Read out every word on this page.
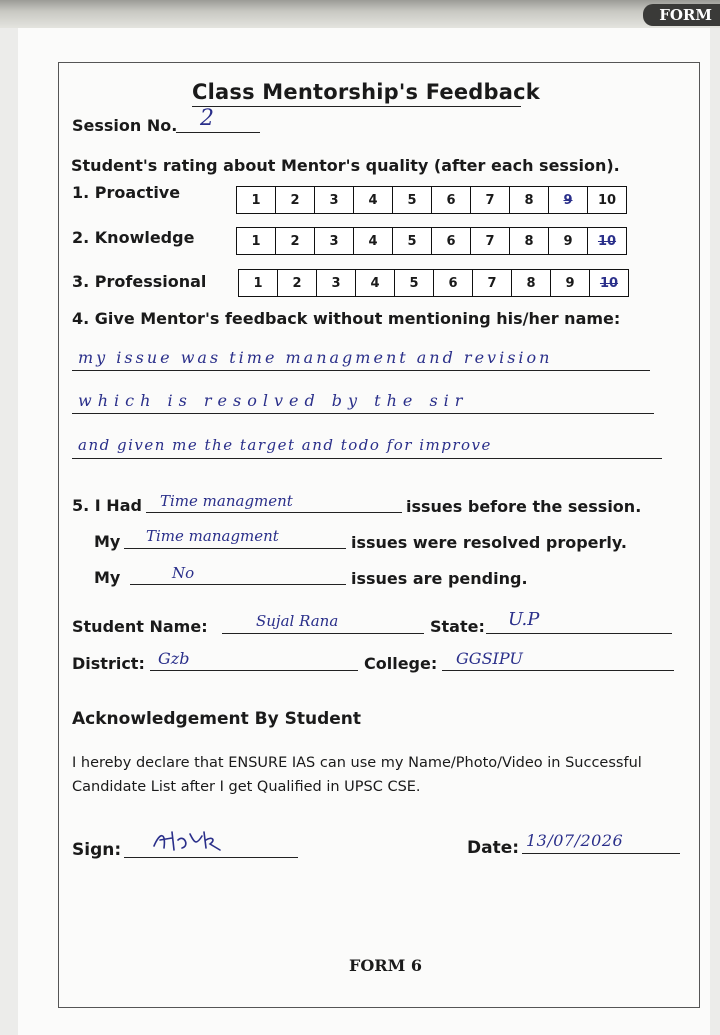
FORM
Class Mentorship's Feedback
Session No. 2
Student's rating about Mentor's quality (after each session).
1. Proactive	1	2	3	4	5	6	7	8	9	10
2. Knowledge	1	2	3	4	5	6	7	8	9	10
3. Professional	1	2	3	4	5	6	7	8	9	10
4. Give Mentor's feedback without mentioning his/her name:
my issue was time managment and revision
which is resolved by the sir
and given me the target and todo for improve
5. I Had Time managment	issues before the session.
My Time managment	issues were resolved properly.
My	No	issues are pending.
Student Name:	Sujal Rana	State: U.P
District: Gzb	College: GGSIPU
Acknowledgement By Student
I hereby declare that ENSURE IAS can use my Name/Photo/Video in Successful Candidate List after I get Qualified in UPSC CSE.
Sign:	Date: 13/07/2026
FORM 6
